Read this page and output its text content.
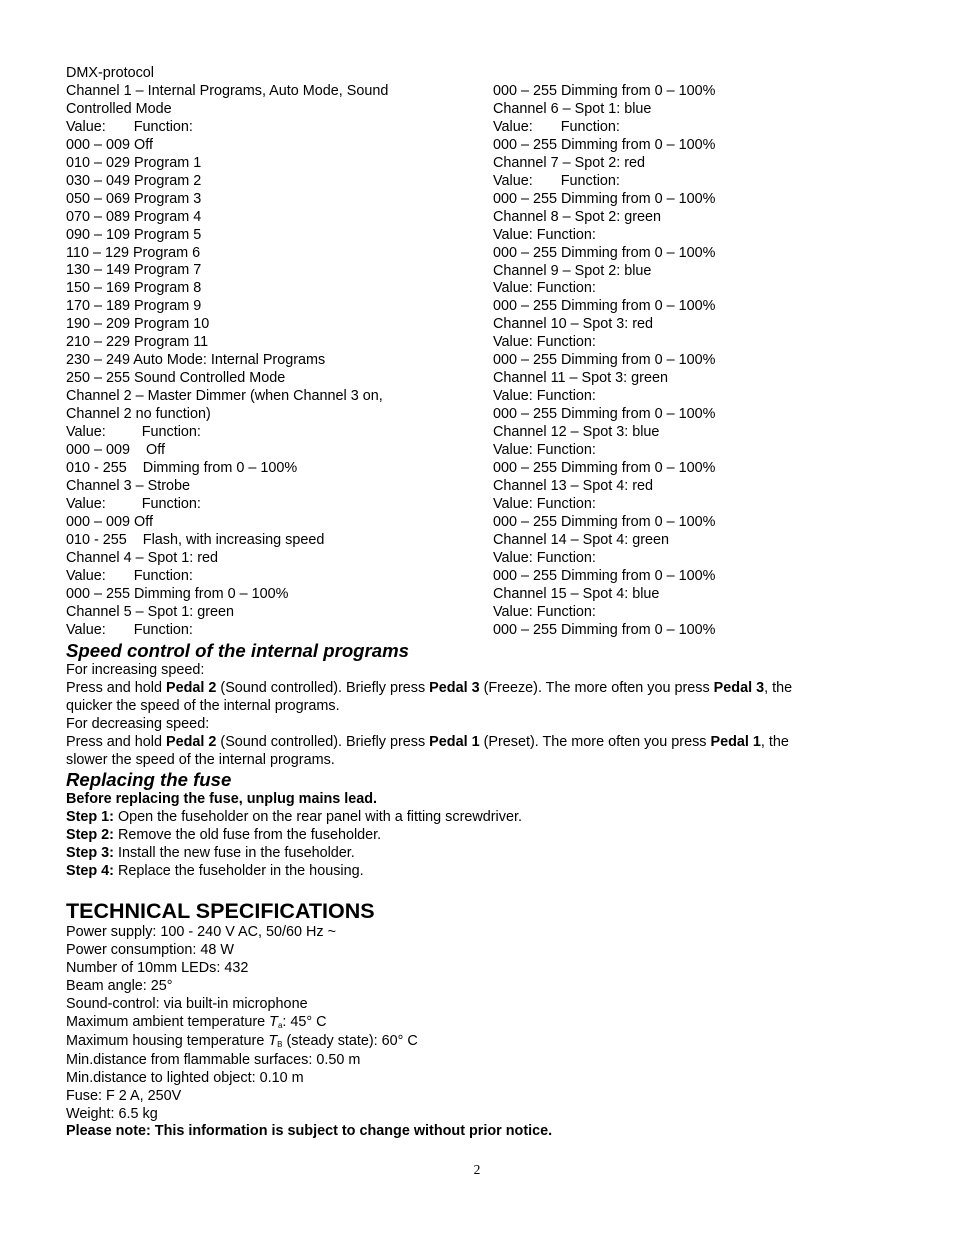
DMX-protocol
Channel 1 – Internal Programs, Auto Mode, Sound
Controlled Mode
Value:       Function:
000 – 009 Off
010 – 029 Program 1
030 – 049 Program 2
050 – 069 Program 3
070 – 089 Program 4
090 – 109 Program 5
110 – 129 Program 6
130 – 149 Program 7
150 – 169 Program 8
170 – 189 Program 9
190 – 209 Program 10
210 – 229 Program 11
230 – 249 Auto Mode: Internal Programs
250 – 255 Sound Controlled Mode
Channel 2 – Master Dimmer (when Channel 3 on,
Channel 2 no function)
Value:         Function:
000 – 009    Off
010 - 255    Dimming from 0 – 100%
Channel 3 – Strobe
Value:         Function:
000 – 009 Off
010 - 255    Flash, with increasing speed
Channel 4 – Spot 1: red
Value:       Function:
000 – 255 Dimming from 0 – 100%
Channel 5 – Spot 1: green
Value:       Function:
000 – 255 Dimming from 0 – 100%
Channel 6 – Spot 1: blue
Value:       Function:
000 – 255 Dimming from 0 – 100%
Channel 7 – Spot 2: red
Value:       Function:
000 – 255 Dimming from 0 – 100%
Channel 8 – Spot 2: green
Value: Function:
000 – 255 Dimming from 0 – 100%
Channel 9 – Spot 2: blue
Value: Function:
000 – 255 Dimming from 0 – 100%
Channel 10 – Spot 3: red
Value: Function:
000 – 255 Dimming from 0 – 100%
Channel 11 – Spot 3: green
Value: Function:
000 – 255 Dimming from 0 – 100%
Channel 12 – Spot 3: blue
Value: Function:
000 – 255 Dimming from 0 – 100%
Channel 13 – Spot 4: red
Value: Function:
000 – 255 Dimming from 0 – 100%
Channel 14 – Spot 4: green
Value: Function:
000 – 255 Dimming from 0 – 100%
Channel 15 – Spot 4: blue
Value: Function:
000 – 255 Dimming from 0 – 100%
Speed control of the internal programs
For increasing speed:
Press and hold Pedal 2 (Sound controlled). Briefly press Pedal 3 (Freeze). The more often you press Pedal 3, the
quicker the speed of the internal programs.
For decreasing speed:
Press and hold Pedal 2 (Sound controlled). Briefly press Pedal 1 (Preset). The more often you press Pedal 1, the
slower the speed of the internal programs.
Replacing the fuse
Before replacing the fuse, unplug mains lead.
Step 1: Open the fuseholder on the rear panel with a fitting screwdriver.
Step 2: Remove the old fuse from the fuseholder.
Step 3: Install the new fuse in the fuseholder.
Step 4: Replace the fuseholder in the housing.
TECHNICAL SPECIFICATIONS
Power supply: 100 - 240 V AC, 50/60 Hz ~
Power consumption: 48 W
Number of 10mm LEDs: 432
Beam angle: 25°
Sound-control: via built-in microphone
Maximum ambient temperature Ta: 45° C
Maximum housing temperature TB (steady state): 60° C
Min.distance from flammable surfaces: 0.50 m
Min.distance to lighted object: 0.10 m
Fuse: F 2 A, 250V
Weight: 6.5 kg
Please note: This information is subject to change without prior notice.
2
